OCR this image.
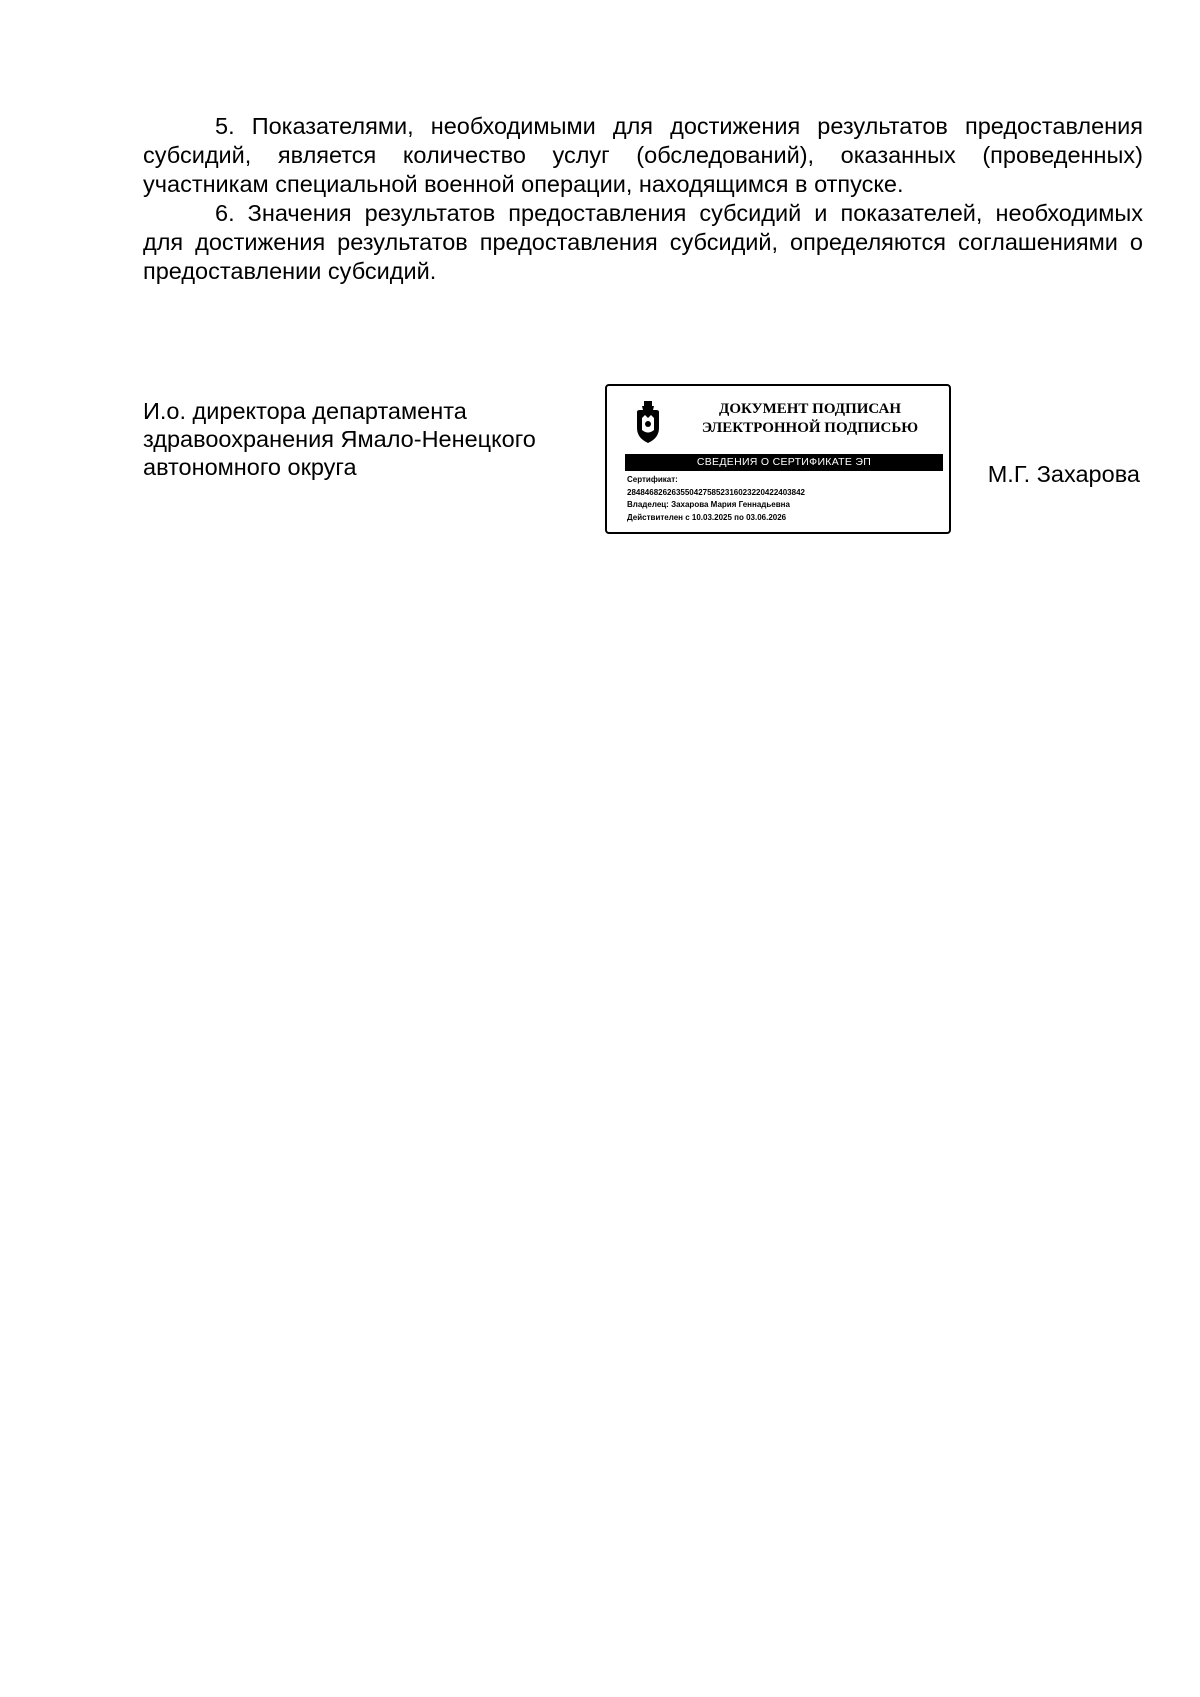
5. Показателями, необходимыми для достижения результатов предоставления субсидий, является количество услуг (обследований), оказанных (проведенных) участникам специальной военной операции, находящимся в отпуске.

6. Значения результатов предоставления субсидий и показателей, необходимых для достижения результатов предоставления субсидий, определяются соглашениями о предоставлении субсидий.

И.о. директора департамента
здравоохранения Ямало-Ненецкого
автономного округа
ДОКУМЕНТ ПОДПИСАН
ЭЛЕКТРОННОЙ ПОДПИСЬЮ
СВЕДЕНИЯ О СЕРТИФИКАТЕ ЭП
Сертификат:
2848468262635504275852316023220422403842
Владелец: Захарова Мария Геннадьевна
Действителен с 10.03.2025 по 03.06.2026
М.Г. Захарова
